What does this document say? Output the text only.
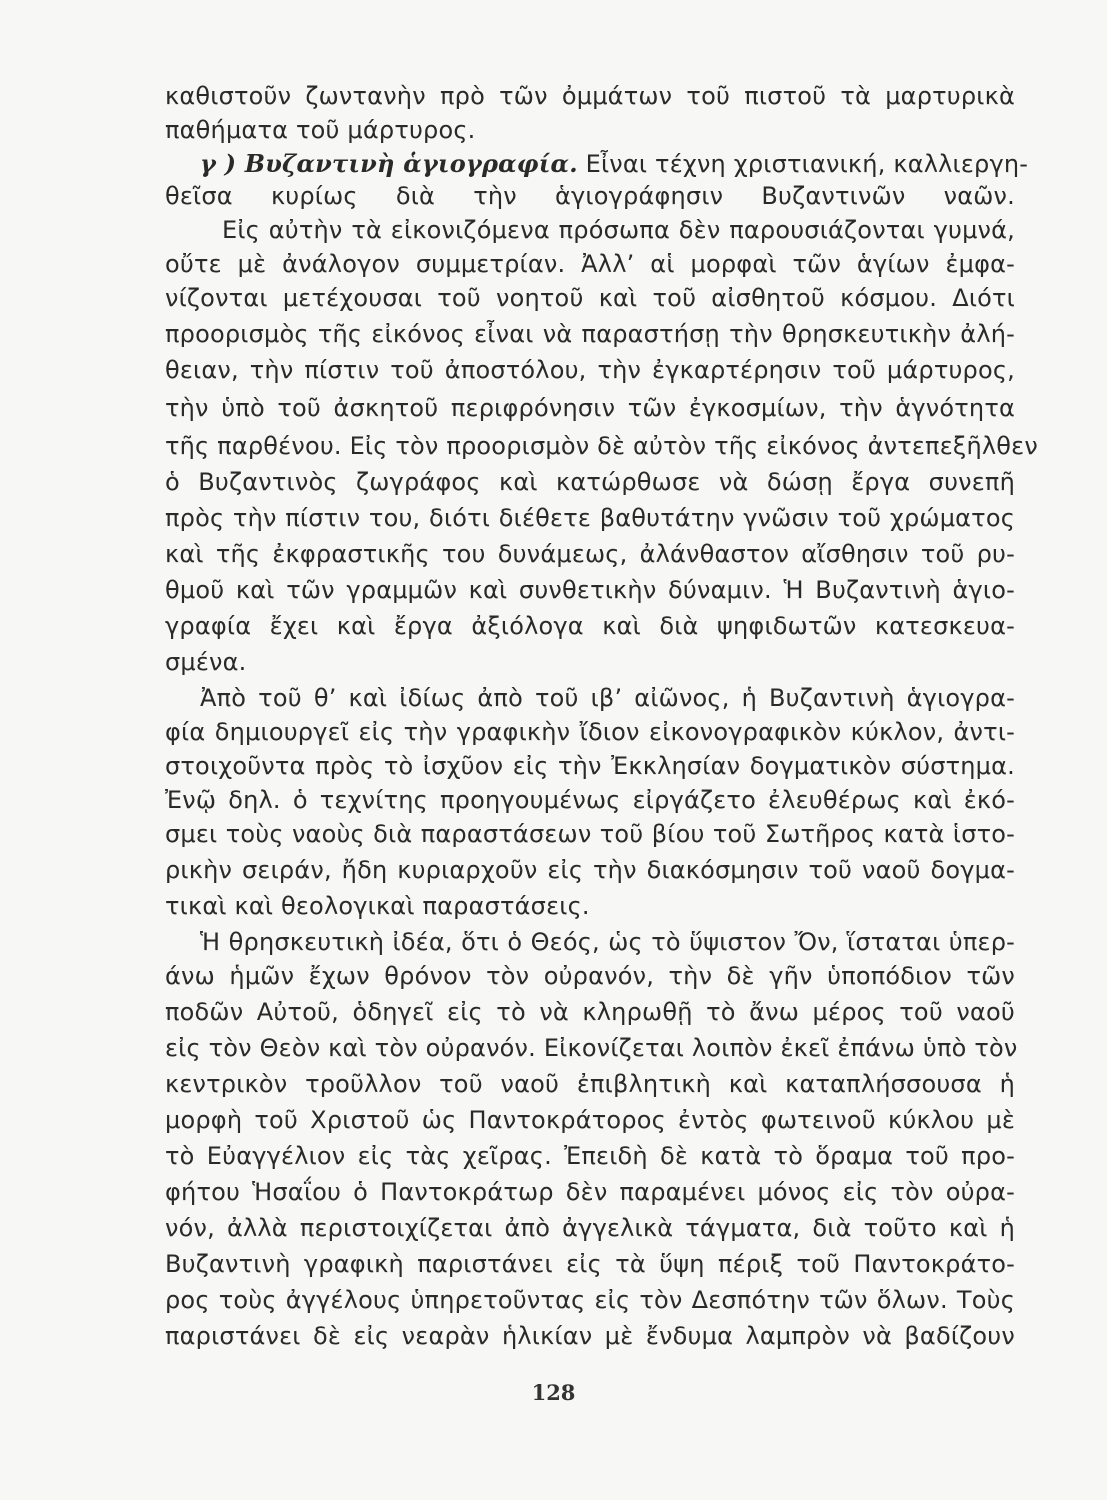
καθιστοῦν ζωντανὴν πρὸ τῶν ὀμμάτων τοῦ πιστοῦ τὰ μαρτυρικὰ
παθήματα τοῦ μάρτυρος.
γ ) Βυζαντινὴ ἁγιογραφία. Εἶναι τέχνη χριστιανική, καλλιεργη-
θεῖσα κυρίως διὰ τὴν ἁγιογράφησιν Βυζαντινῶν ναῶν.
Εἰς αὐτὴν τὰ εἰκονιζόμενα πρόσωπα δὲν παρουσιάζονται γυμνά,
οὔτε μὲ ἀνάλογον συμμετρίαν. Ἀλλ’ αἱ μορφαὶ τῶν ἁγίων ἐμφα-
νίζονται μετέχουσαι τοῦ νοητοῦ καὶ τοῦ αἰσθητοῦ κόσμου. Διότι
προορισμὸς τῆς εἰκόνος εἶναι νὰ παραστήσῃ τὴν θρησκευτικὴν ἀλή-
θειαν, τὴν πίστιν τοῦ ἀποστόλου, τὴν ἐγκαρτέρησιν τοῦ μάρτυρος,
τὴν ὑπὸ τοῦ ἀσκητοῦ περιφρόνησιν τῶν ἐγκοσμίων, τὴν ἁγνότητα
τῆς παρθένου. Εἰς τὸν προορισμὸν δὲ αὐτὸν τῆς εἰκόνος ἀντεπεξῆλθεν
ὁ Βυζαντινὸς ζωγράφος καὶ κατώρθωσε νὰ δώσῃ ἔργα συνεπῆ
πρὸς τὴν πίστιν του, διότι διέθετε βαθυτάτην γνῶσιν τοῦ χρώματος
καὶ τῆς ἐκφραστικῆς του δυνάμεως, ἀλάνθαστον αἴσθησιν τοῦ ρυ-
θμοῦ καὶ τῶν γραμμῶν καὶ συνθετικὴν δύναμιν. Ἡ Βυζαντινὴ ἁγιο-
γραφία ἔχει καὶ ἔργα ἀξιόλογα καὶ διὰ ψηφιδωτῶν κατεσκευα-
σμένα.
Ἀπὸ τοῦ θ’ καὶ ἰδίως ἀπὸ τοῦ ιβ’ αἰῶνος, ἡ Βυζαντινὴ ἁγιογρα-
φία δημιουργεῖ εἰς τὴν γραφικὴν ἴδιον εἰκονογραφικὸν κύκλον, ἀντι-
στοιχοῦντα πρὸς τὸ ἰσχῦον εἰς τὴν Ἐκκλησίαν δογματικὸν σύστημα.
Ἐνῷ δηλ. ὁ τεχνίτης προηγουμένως εἰργάζετο ἐλευθέρως καὶ ἐκό-
σμει τοὺς ναοὺς διὰ παραστάσεων τοῦ βίου τοῦ Σωτῆρος κατὰ ἱστο-
ρικὴν σειράν, ἤδη κυριαρχοῦν εἰς τὴν διακόσμησιν τοῦ ναοῦ δογμα-
τικαὶ καὶ θεολογικαὶ παραστάσεις.
Ἡ θρησκευτικὴ ἰδέα, ὅτι ὁ Θεός, ὡς τὸ ὕψιστον Ὄν, ἵσταται ὑπερ-
άνω ἡμῶν ἔχων θρόνον τὸν οὐρανόν, τὴν δὲ γῆν ὑποπόδιον τῶν
ποδῶν Αὐτοῦ, ὁδηγεῖ εἰς τὸ νὰ κληρωθῇ τὸ ἄνω μέρος τοῦ ναοῦ
εἰς τὸν Θεὸν καὶ τὸν οὐρανόν. Εἰκονίζεται λοιπὸν ἐκεῖ ἐπάνω ὑπὸ τὸν
κεντρικὸν τροῦλλον τοῦ ναοῦ ἐπιβλητικὴ καὶ καταπλήσσουσα ἡ
μορφὴ τοῦ Χριστοῦ ὡς Παντοκράτορος ἐντὸς φωτεινοῦ κύκλου μὲ
τὸ Εὐαγγέλιον εἰς τὰς χεῖρας. Ἐπειδὴ δὲ κατὰ τὸ ὅραμα τοῦ προ-
φήτου Ἡσαΐου ὁ Παντοκράτωρ δὲν παραμένει μόνος εἰς τὸν οὐρα-
νόν, ἀλλὰ περιστοιχίζεται ἀπὸ ἀγγελικὰ τάγματα, διὰ τοῦτο καὶ ἡ
Βυζαντινὴ γραφικὴ παριστάνει εἰς τὰ ὕψη πέριξ τοῦ Παντοκράτο-
ρος τοὺς ἀγγέλους ὑπηρετοῦντας εἰς τὸν Δεσπότην τῶν ὅλων. Τοὺς
παριστάνει δὲ εἰς νεαρὰν ἡλικίαν μὲ ἔνδυμα λαμπρὸν νὰ βαδίζουν
128
